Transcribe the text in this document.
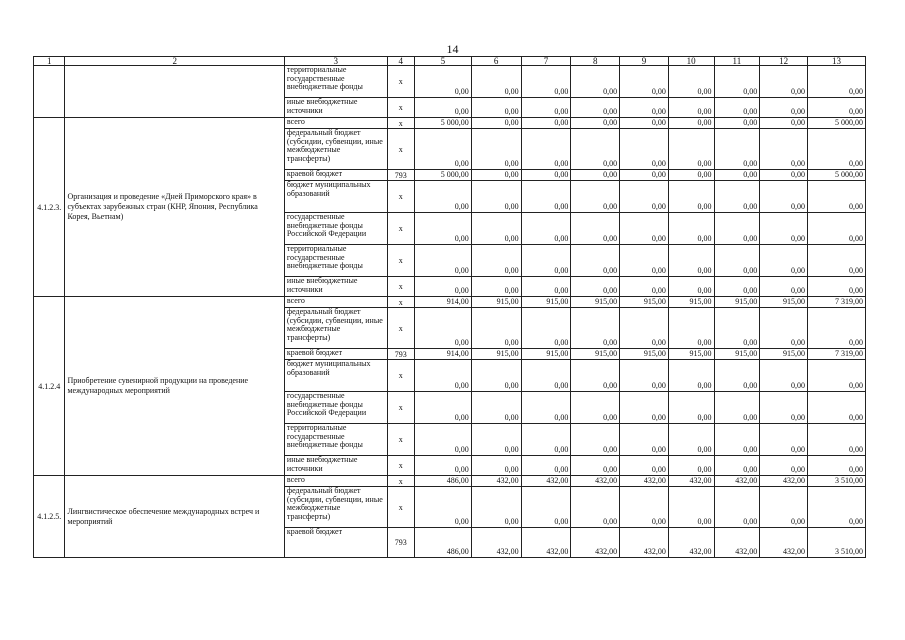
14
1	2	3	4	5	6	7	8	9	10	11	12	13
		территориальные государственные внебюджетные фонды	x	0,00	0,00	0,00	0,00	0,00	0,00	0,00	0,00	0,00
		иные внебюджетные источники	x	0,00	0,00	0,00	0,00	0,00	0,00	0,00	0,00	0,00
4.1.2.3.	Организация и проведение «Дней Приморского края» в субъектах зарубежных стран (КНР, Япония, Республика Корея, Вьетнам)	всего	x	5 000,00	0,00	0,00	0,00	0,00	0,00	0,00	0,00	5 000,00
		федеральный бюджет (субсидии, субвенции, иные межбюджетные трансферты)	x	0,00	0,00	0,00	0,00	0,00	0,00	0,00	0,00	0,00
		краевой бюджет	793	5 000,00	0,00	0,00	0,00	0,00	0,00	0,00	0,00	5 000,00
		бюджет муниципальных образований	x	0,00	0,00	0,00	0,00	0,00	0,00	0,00	0,00	0,00
		государственные внебюджетные фонды Российской Федерации	x	0,00	0,00	0,00	0,00	0,00	0,00	0,00	0,00	0,00
		территориальные государственные внебюджетные фонды	x	0,00	0,00	0,00	0,00	0,00	0,00	0,00	0,00	0,00
		иные внебюджетные источники	x	0,00	0,00	0,00	0,00	0,00	0,00	0,00	0,00	0,00
4.1.2.4	Приобретение сувенирной продукции на проведение международных мероприятий	всего	x	914,00	915,00	915,00	915,00	915,00	915,00	915,00	915,00	7 319,00
		федеральный бюджет (субсидии, субвенции, иные межбюджетные трансферты)	x	0,00	0,00	0,00	0,00	0,00	0,00	0,00	0,00	0,00
		краевой бюджет	793	914,00	915,00	915,00	915,00	915,00	915,00	915,00	915,00	7 319,00
		бюджет муниципальных образований	x	0,00	0,00	0,00	0,00	0,00	0,00	0,00	0,00	0,00
		государственные внебюджетные фонды Российской Федерации	x	0,00	0,00	0,00	0,00	0,00	0,00	0,00	0,00	0,00
		территориальные государственные внебюджетные фонды	x	0,00	0,00	0,00	0,00	0,00	0,00	0,00	0,00	0,00
		иные внебюджетные источники	x	0,00	0,00	0,00	0,00	0,00	0,00	0,00	0,00	0,00
4.1.2.5.	Лингвистическое обеспечение международных встреч и мероприятий	всего	x	486,00	432,00	432,00	432,00	432,00	432,00	432,00	432,00	3 510,00
		федеральный бюджет (субсидии, субвенции, иные межбюджетные трансферты)	x	0,00	0,00	0,00	0,00	0,00	0,00	0,00	0,00	0,00
		краевой бюджет	793	486,00	432,00	432,00	432,00	432,00	432,00	432,00	432,00	3 510,00
